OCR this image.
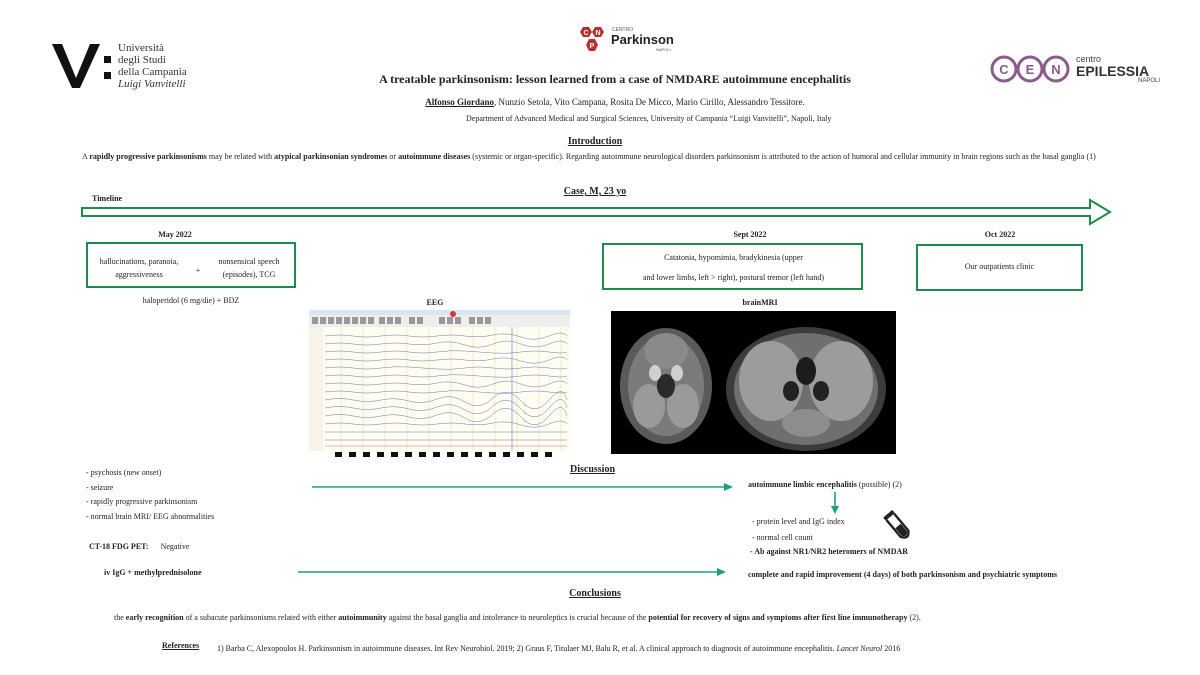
Università
degli Studi
della Campania
Luigi Vanvitelli
C N
P
CENTRO
Parkinson
NAPOLI
C E N
centro
EPILESSIA
NAPOLI
A treatable parkinsonism: lesson learned from a case of NMDARE autoimmune encephalitis
Alfonso Giordano, Nunzio Setola, Vito Campana, Rosita De Micco, Mario Cirillo, Alessandro Tessitore.
Department of Advanced Medical and Surgical Sciences, University of Campania “Luigi Vanvitelli”, Napoli, Italy
Introduction
A rapidly progressive parkinsonisms may be related with atypical parkinsonian syndromes or autoimmune diseases (systemic or organ-specific). Regarding autoimmune neurological disorders parkinsonism is attributed to the action of humoral and cellular immunity in brain regions such as the basal ganglia (1)
Case, M, 23 yo
Timeline
May 2022
hallucinations, paranoia, aggressiveness	+
nonsensical speech (episodes), TCG
haloperidol (6 mg/die) + BDZ
Sept 2022
Catatonia, hypomimia, bradykinesia (upper
and lower limbs, left > right), postural tremor (left hand)
Oct 2022
Our outpatients clinic
EEG	brainMRI
Discussion
- psychosis (new onset)
- seizure
- rapidly progressive parkinsonism
- normal brain MRI/ EEG abnormalities
autoimmune limbic encephalitis (possible) (2)
- protein level and IgG index
- normal cell count
- Ab against NR1/NR2 heteromers of NMDAR
CT-18 FDG PET: Negative
iv IgG + methylprednisolone	complete and rapid improvement (4 days) of both parkinsonism and psychiatric symptoms
Conclusions
the early recognition of a subacute parkinsonisms related with either autoimmunity against the basal ganglia and intolerance to neuroleptics is crucial because of the potential for recovery of signs and symptoms after first line immunotherapy (2).
References 1) Barba C, Alexopoulos H. Parkinsonism in autoimmune diseases. Int Rev Neurobiol. 2019; 2) Graus F, Titulaer MJ, Balu R, et al. A clinical approach to diagnosis of autoimmune encephalitis. Lancet Neurol 2016
